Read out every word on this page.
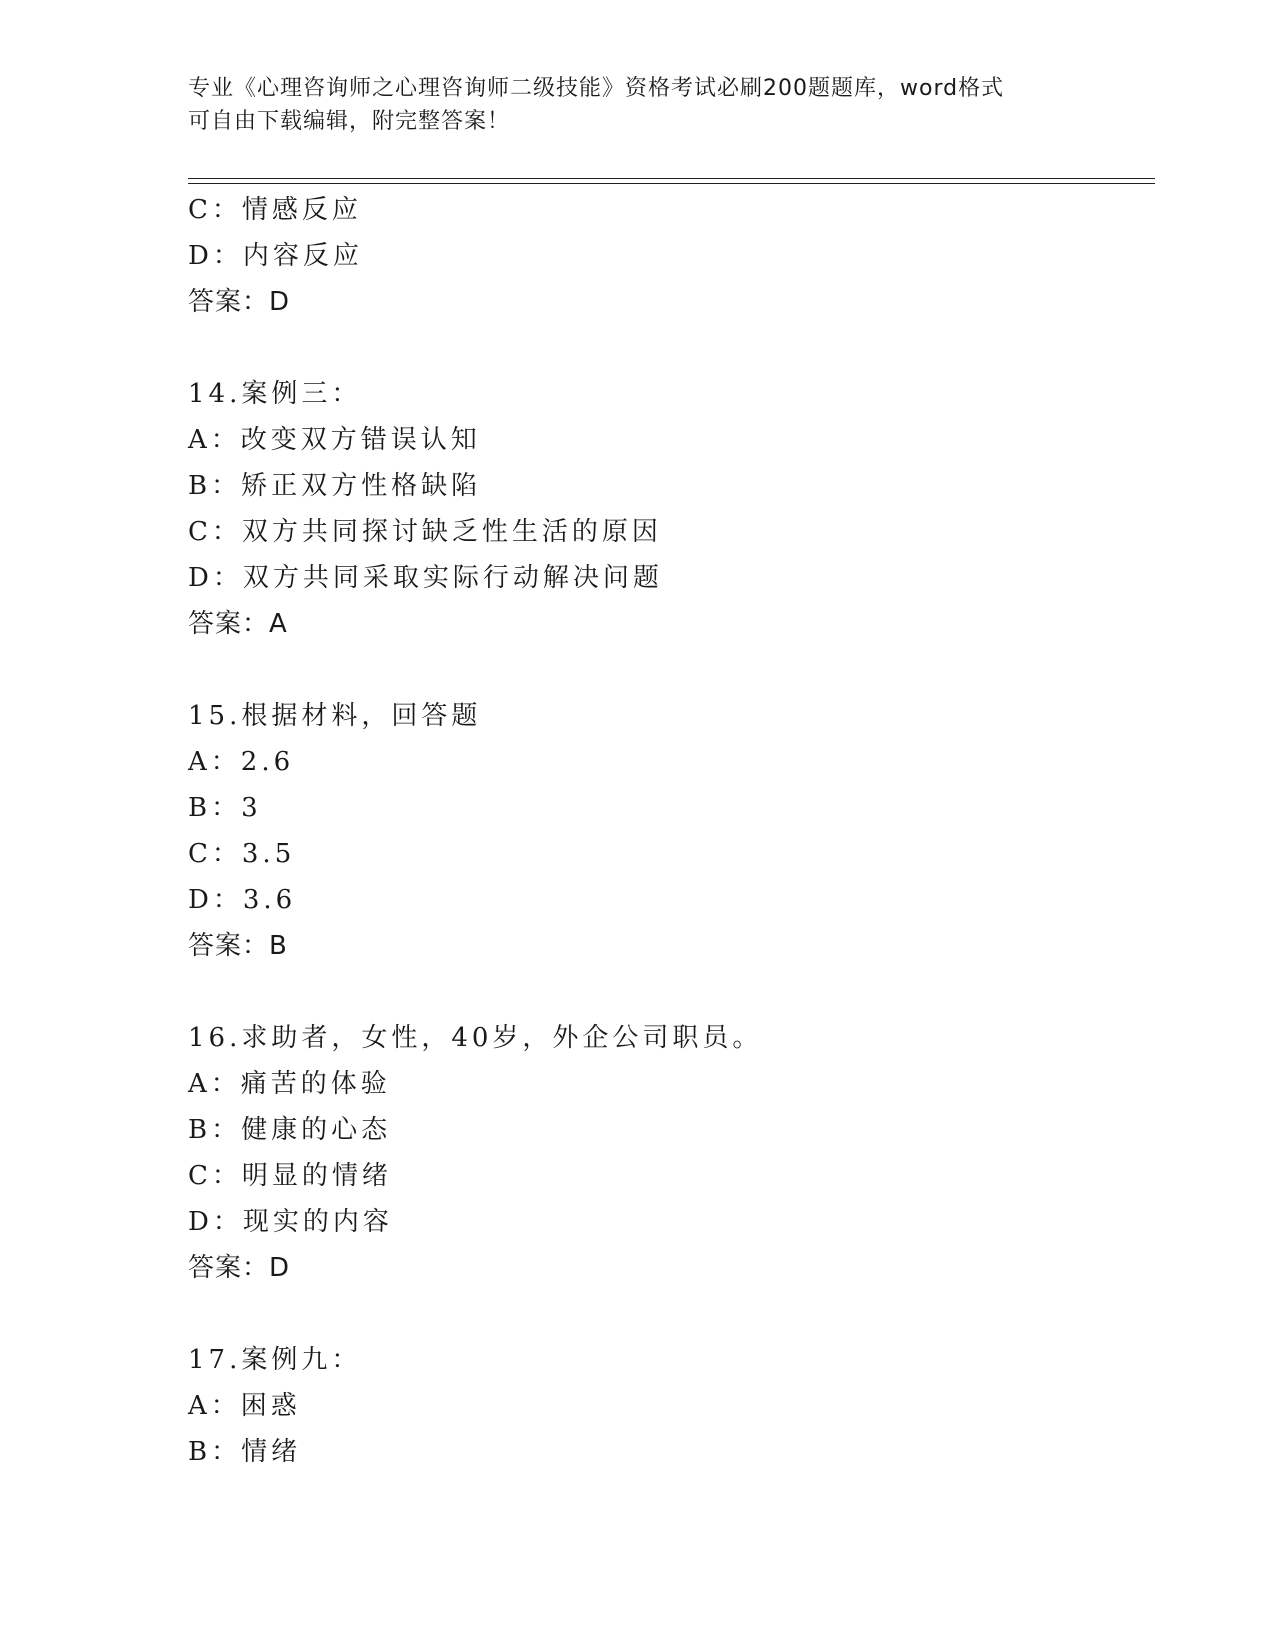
专业《心理咨询师之心理咨询师二级技能》资格考试必刷200题题库，word格式
可自由下载编辑，附完整答案！
C：情感反应
D：内容反应
答案：D
14.案例三：
A：改变双方错误认知
B：矫正双方性格缺陷
C：双方共同探讨缺乏性生活的原因
D：双方共同采取实际行动解决问题
答案：A
15.根据材料，回答题
A：2.6
B：3
C：3.5
D：3.6
答案：B
16.求助者，女性，40岁，外企公司职员。
A：痛苦的体验
B：健康的心态
C：明显的情绪
D：现实的内容
答案：D
17.案例九：
A：困惑
B：情绪
